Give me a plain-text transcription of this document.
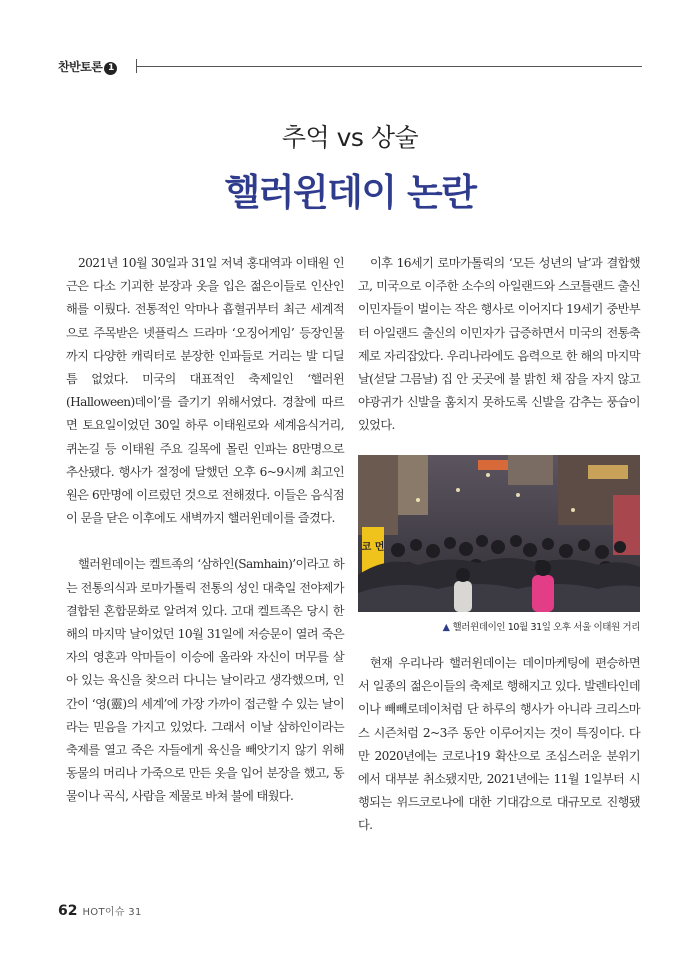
찬반토론 1
추억 vs 상술
핼러윈데이 논란

2021년 10월 30일과 31일 저녁 홍대역과 이태원 인근은 다소 기괴한 분장과 옷을 입은 젊은이들로 인산인해를 이뤘다. 전통적인 악마나 흡혈귀부터 최근 세계적으로 주목받은 넷플릭스 드라마 ‘오징어게임’ 등장인물까지 다양한 캐릭터로 분장한 인파들로 거리는 발 디딜 틈 없었다. 미국의 대표적인 축제일인 ‘핼러윈(Halloween)데이’를 즐기기 위해서였다. 경찰에 따르면 토요일이었던 30일 하루 이태원로와 세계음식거리, 퀴논길 등 이태원 주요 길목에 몰린 인파는 8만명으로 추산됐다. 행사가 절정에 달했던 오후 6~9시께 최고인원은 6만명에 이르렀던 것으로 전해졌다. 이들은 음식점이 문을 닫은 이후에도 새벽까지 핼러윈데이를 즐겼다.

핼러윈데이는 켈트족의 ‘삼하인(Samhain)’이라고 하는 전통의식과 로마가톨릭 전통의 성인 대축일 전야제가 결합된 혼합문화로 알려져 있다. 고대 켈트족은 당시 한 해의 마지막 날이었던 10월 31일에 저승문이 열려 죽은 자의 영혼과 악마들이 이승에 올라와 자신이 머무를 살아 있는 육신을 찾으러 다니는 날이라고 생각했으며, 인간이 ‘영(靈)의 세계’에 가장 가까이 접근할 수 있는 날이라는 믿음을 가지고 있었다. 그래서 이날 삼하인이라는 축제를 열고 죽은 자들에게 육신을 빼앗기지 않기 위해 동물의 머리나 가죽으로 만든 옷을 입어 분장을 했고, 동물이나 곡식, 사람을 제물로 바쳐 불에 태웠다.

이후 16세기 로마가톨릭의 ‘모든 성년의 날’과 결합했고, 미국으로 이주한 소수의 아일랜드와 스코틀랜드 출신 이민자들이 벌이는 작은 행사로 이어지다 19세기 중반부터 아일랜드 출신의 이민자가 급증하면서 미국의 전통축제로 자리잡았다. 우리나라에도 음력으로 한 해의 마지막날(섣달 그믐날) 집 안 곳곳에 불 밝힌 채 잠을 자지 않고 야광귀가 신발을 훔치지 못하도록 신발을 감추는 풍습이 있었다.

코 먼
▲ 핼러윈데이인 10월 31일 오후 서울 이태원 거리

현재 우리나라 핼러윈데이는 데이마케팅에 편승하면서 일종의 젊은이들의 축제로 행해지고 있다. 발렌타인데이나 빼빼로데이처럼 단 하루의 행사가 아니라 크리스마스 시즌처럼 2~3주 동안 이루어지는 것이 특징이다. 다만 2020년에는 코로나19 확산으로 조심스러운 분위기에서 대부분 취소됐지만, 2021년에는 11월 1일부터 시행되는 위드코로나에 대한 기대감으로 대규모로 진행됐다.

62 HOT이슈 31
